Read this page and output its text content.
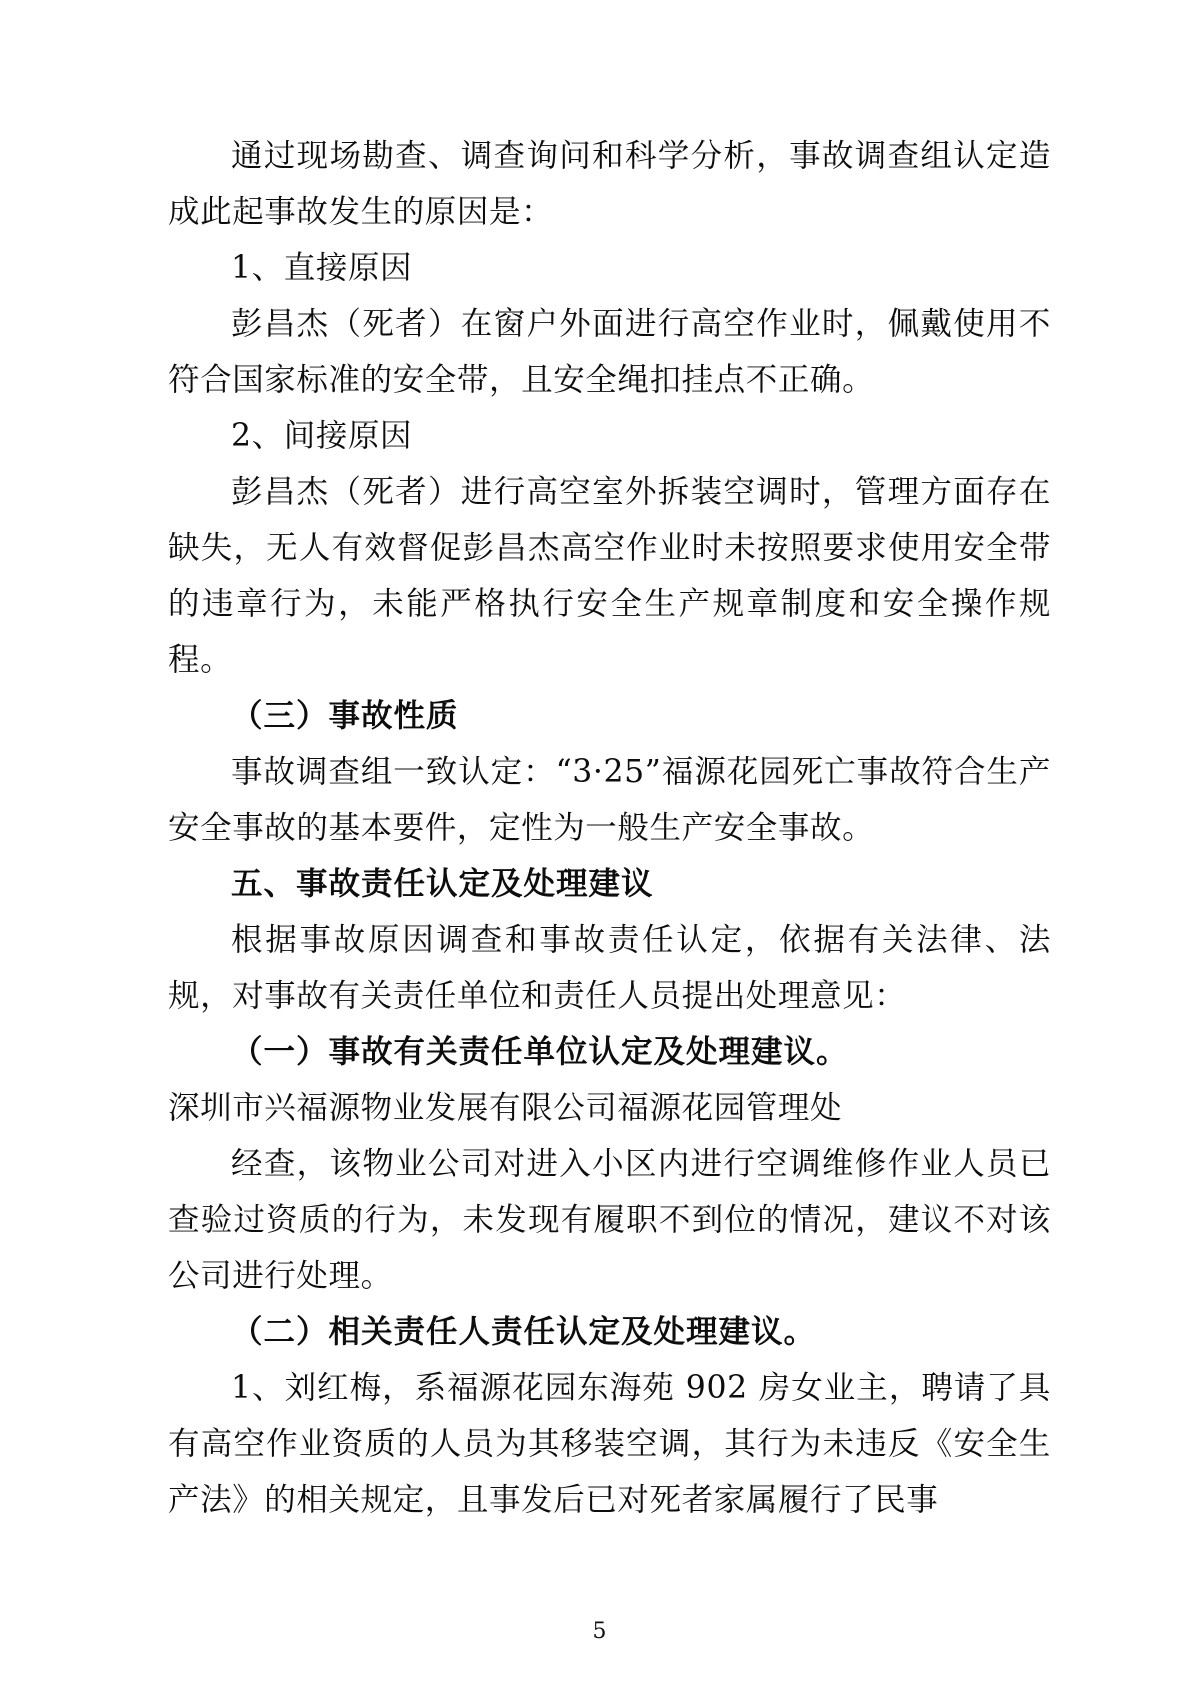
通过现场勘查、调查询问和科学分析，事故调查组认定造成此起事故发生的原因是：

1、直接原因

彭昌杰（死者）在窗户外面进行高空作业时，佩戴使用不符合国家标准的安全带，且安全绳扣挂点不正确。

2、间接原因

彭昌杰（死者）进行高空室外拆装空调时，管理方面存在缺失，无人有效督促彭昌杰高空作业时未按照要求使用安全带的违章行为，未能严格执行安全生产规章制度和安全操作规程。

（三）事故性质

事故调查组一致认定：“3·25”福源花园死亡事故符合生产安全事故的基本要件，定性为一般生产安全事故。

五、事故责任认定及处理建议

根据事故原因调查和事故责任认定，依据有关法律、法规，对事故有关责任单位和责任人员提出处理意见：

（一）事故有关责任单位认定及处理建议。

深圳市兴福源物业发展有限公司福源花园管理处

经查，该物业公司对进入小区内进行空调维修作业人员已查验过资质的行为，未发现有履职不到位的情况，建议不对该公司进行处理。

（二）相关责任人责任认定及处理建议。

1、刘红梅，系福源花园东海苑 902 房女业主，聘请了具有高空作业资质的人员为其移装空调，其行为未违反《安全生产法》的相关规定，且事发后已对死者家属履行了民事

5
